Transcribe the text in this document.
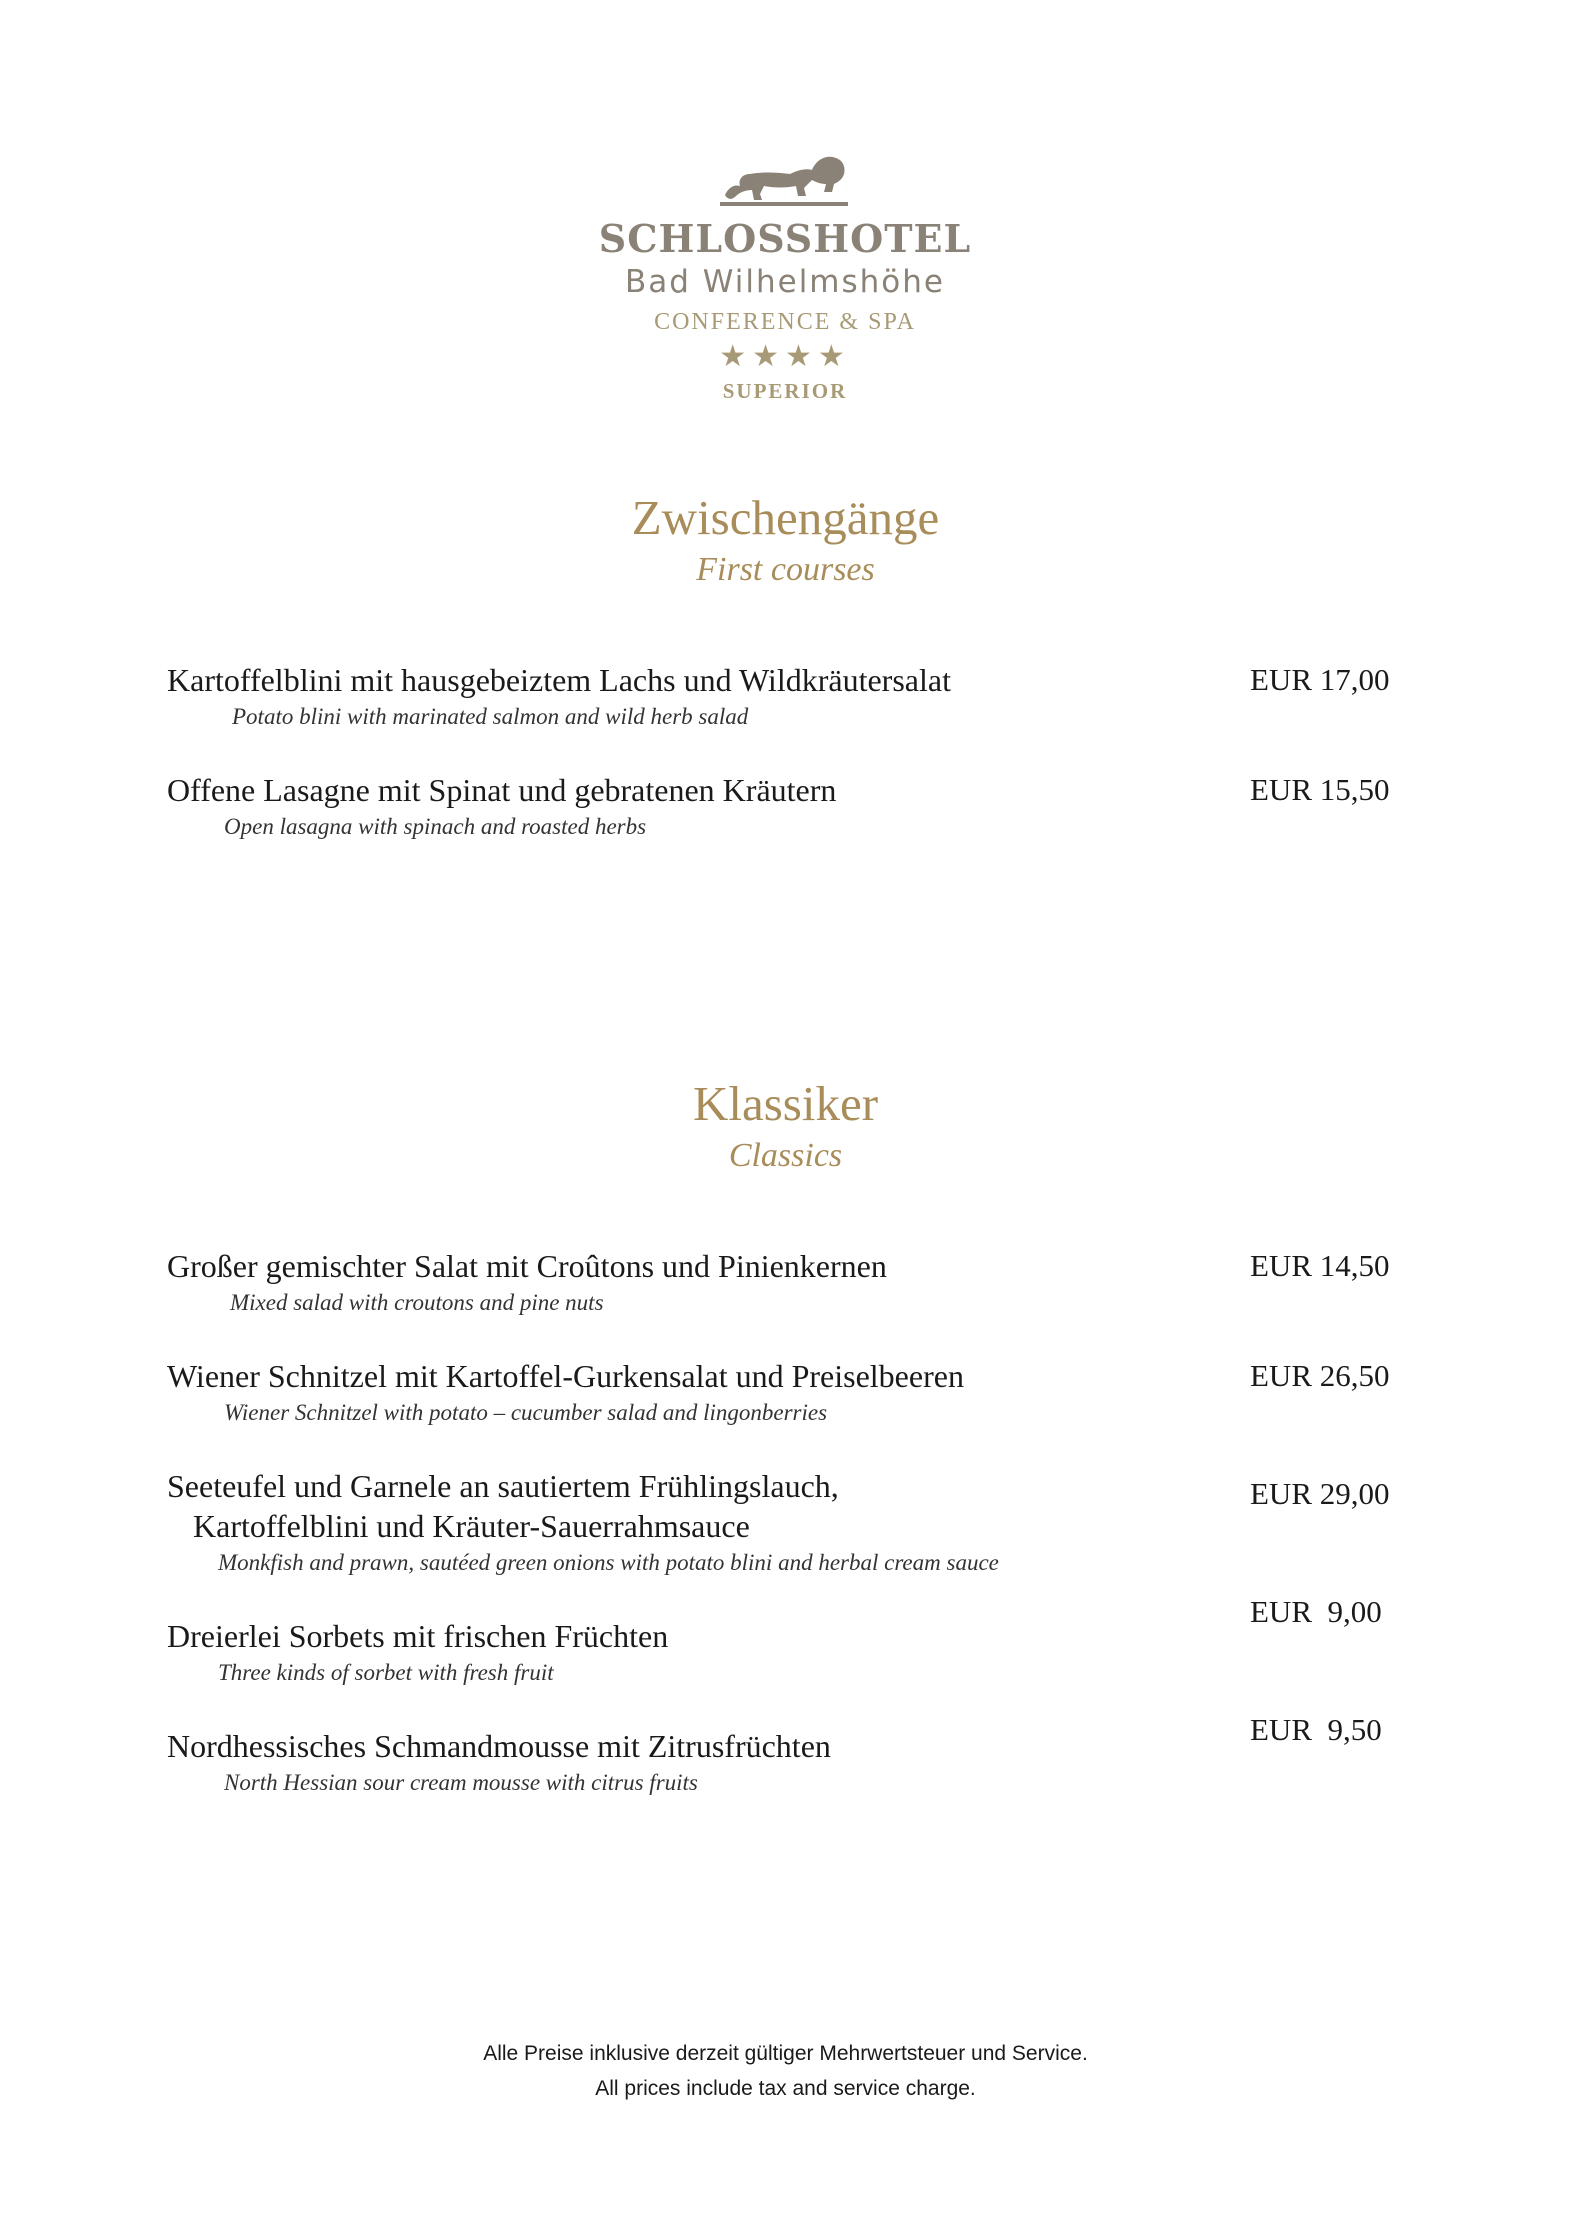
SCHLOSSHOTEL
Bad Wilhelmshöhe
CONFERENCE & SPA
★★★★
SUPERIOR
Zwischengänge
First courses
Kartoffelblini mit hausgebeiztem Lachs und Wildkräutersalat
Potato blini with marinated salmon and wild herb salad
EUR 17,00
Offene Lasagne mit Spinat und gebratenen Kräutern
Open lasagna with spinach and roasted herbs
EUR 15,50
Klassiker
Classics
Großer gemischter Salat mit Croûtons und Pinienkernen
Mixed salad with croutons and pine nuts
EUR 14,50
Wiener Schnitzel mit Kartoffel-Gurkensalat und Preiselbeeren
Wiener Schnitzel with potato – cucumber salad and lingonberries
EUR 26,50
Seeteufel und Garnele an sautiertem Frühlingslauch,
Kartoffelblini und Kräuter-Sauerrahmsauce
Monkfish and prawn, sautéed green onions with potato blini and herbal cream sauce
EUR 29,00
Dreierlei Sorbets mit frischen Früchten
Three kinds of sorbet with fresh fruit
EUR  9,00
Nordhessisches Schmandmousse mit Zitrusfrüchten
North Hessian sour cream mousse with citrus fruits
EUR  9,50
Alle Preise inklusive derzeit gültiger Mehrwertsteuer und Service.
All prices include tax and service charge.
